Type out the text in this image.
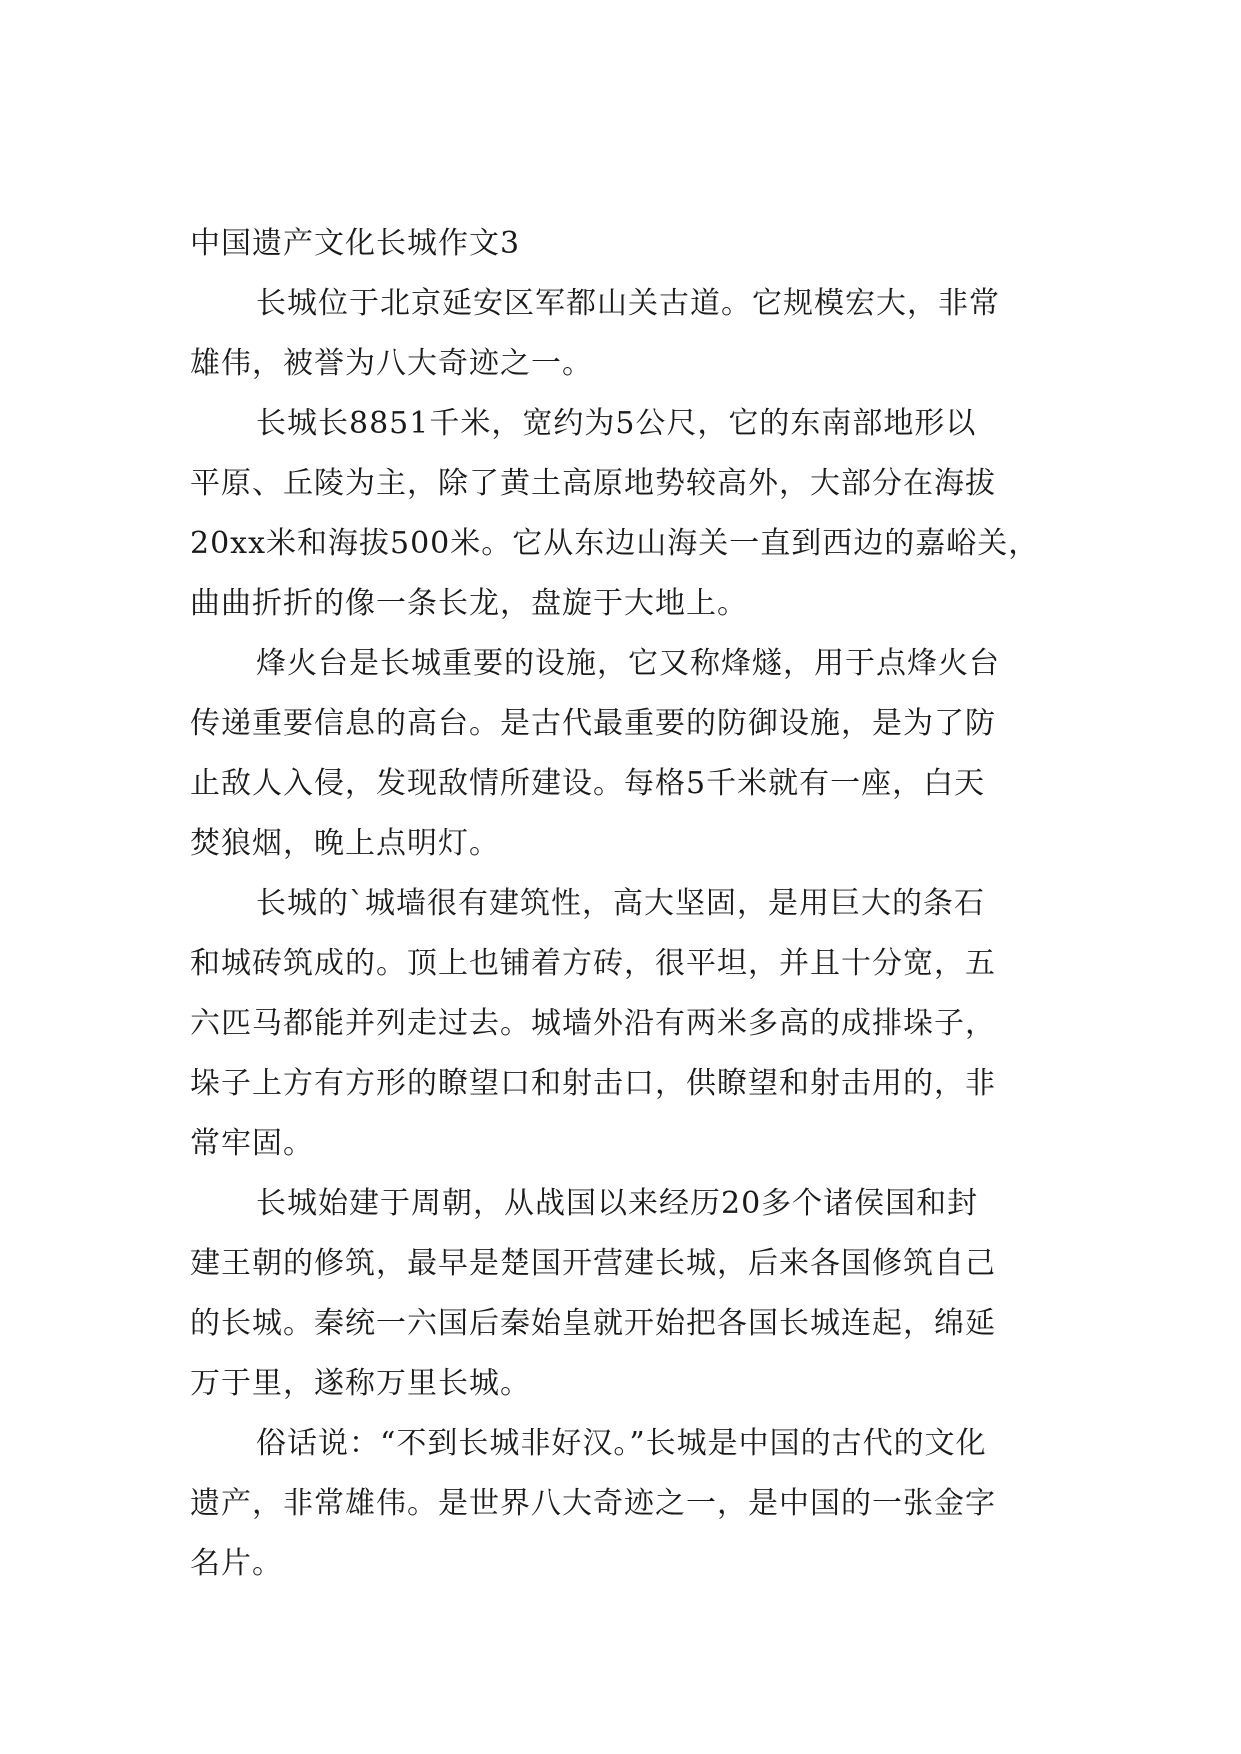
中国遗产文化长城作文3

长城位于北京延安区军都山关古道。它规模宏大，非常
雄伟，被誉为八大奇迹之一。

长城长8851千米，宽约为5公尺，它的东南部地形以
平原、丘陵为主，除了黄土高原地势较高外，大部分在海拔
20xx米和海拔500米。它从东边山海关一直到西边的嘉峪关，
曲曲折折的像一条长龙，盘旋于大地上。

烽火台是长城重要的设施，它又称烽燧，用于点烽火台
传递重要信息的高台。是古代最重要的防御设施，是为了防
止敌人入侵，发现敌情所建设。每格5千米就有一座，白天
焚狼烟，晚上点明灯。

长城的`城墙很有建筑性，高大坚固，是用巨大的条石
和城砖筑成的。顶上也铺着方砖，很平坦，并且十分宽，五
六匹马都能并列走过去。城墙外沿有两米多高的成排垛子，
垛子上方有方形的瞭望口和射击口，供瞭望和射击用的，非
常牢固。

长城始建于周朝，从战国以来经历20多个诸侯国和封
建王朝的修筑，最早是楚国开营建长城，后来各国修筑自己
的长城。秦统一六国后秦始皇就开始把各国长城连起，绵延
万于里，遂称万里长城。

俗话说：“不到长城非好汉。”长城是中国的古代的文化
遗产，非常雄伟。是世界八大奇迹之一，是中国的一张金字
名片。
